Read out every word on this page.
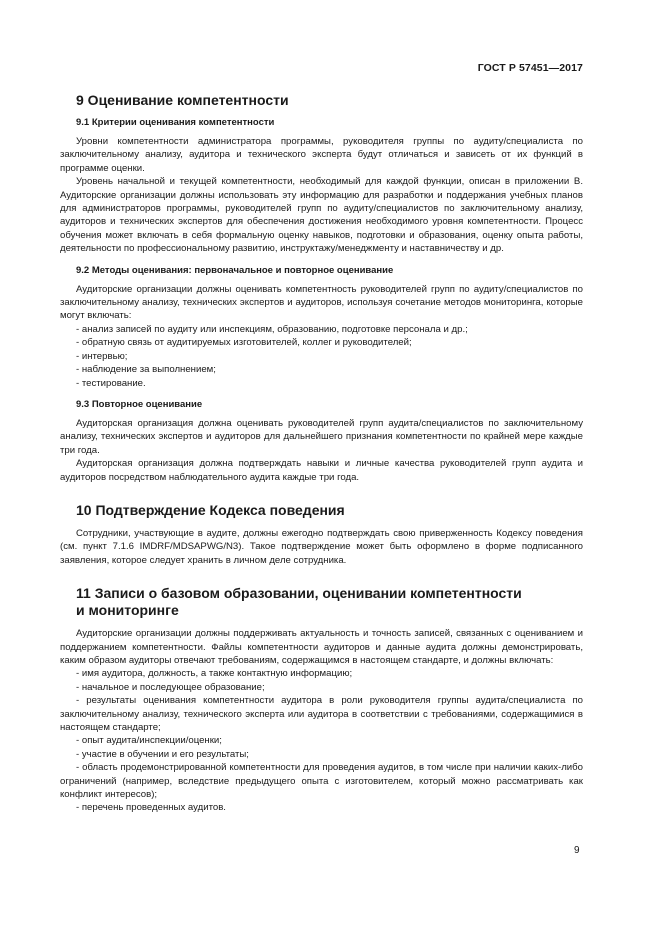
ГОСТ Р 57451—2017
9 Оценивание компетентности
9.1 Критерии оценивания компетентности

Уровни компетентности администратора программы, руководителя группы по аудиту/специалиста по заключительному анализу, аудитора и технического эксперта будут отличаться и зависеть от их функций в программе оценки.

Уровень начальной и текущей компетентности, необходимый для каждой функции, описан в приложении В. Аудиторские организации должны использовать эту информацию для разработки и поддержания учебных планов для администраторов программы, руководителей групп по аудиту/специалистов по заключительному анализу, аудиторов и технических экспертов для обеспечения достижения необходимого уровня компетентности. Процесс обучения может включать в себя формальную оценку навыков, подготовки и образования, оценку опыта работы, деятельности по профессиональному развитию, инструктажу/менеджменту и наставничеству и др.

9.2 Методы оценивания: первоначальное и повторное оценивание

Аудиторские организации должны оценивать компетентность руководителей групп по аудиту/специалистов по заключительному анализу, технических экспертов и аудиторов, используя сочетание методов мониторинга, которые могут включать:

- анализ записей по аудиту или инспекциям, образованию, подготовке персонала и др.;
- обратную связь от аудитируемых изготовителей, коллег и руководителей;
- интервью;
- наблюдение за выполнением;
- тестирование.
9.3 Повторное оценивание

Аудиторская организация должна оценивать руководителей групп аудита/специалистов по заключительному анализу, технических экспертов и аудиторов для дальнейшего признания компетентности по крайней мере каждые три года.

Аудиторская организация должна подтверждать навыки и личные качества руководителей групп аудита и аудиторов посредством наблюдательного аудита каждые три года.

10 Подтверждение Кодекса поведения

Сотрудники, участвующие в аудите, должны ежегодно подтверждать свою приверженность Кодексу поведения (см. пункт 7.1.6 IMDRF/MDSAPWG/N3). Такое подтверждение может быть оформлено в форме подписанного заявления, которое следует хранить в личном деле сотрудника.

11 Записи о базовом образовании, оценивании компетентности
и мониторинге

Аудиторские организации должны поддерживать актуальность и точность записей, связанных с оцениванием и поддержанием компетентности. Файлы компетентности аудиторов и данные аудита должны демонстрировать, каким образом аудиторы отвечают требованиям, содержащимся в настоящем стандарте, и должны включать:

- имя аудитора, должность, а также контактную информацию;
- начальное и последующее образование;
- результаты оценивания компетентности аудитора в роли руководителя группы аудита/специалиста по заключительному анализу, технического эксперта или аудитора в соответствии с требованиями, содержащимися в настоящем стандарте;
- опыт аудита/инспекции/оценки;
- участие в обучении и его результаты;
- область продемонстрированной компетентности для проведения аудитов, в том числе при наличии каких-либо ограничений (например, вследствие предыдущего опыта с изготовителем, который можно рассматривать как конфликт интересов);
- перечень проведенных аудитов.
9
